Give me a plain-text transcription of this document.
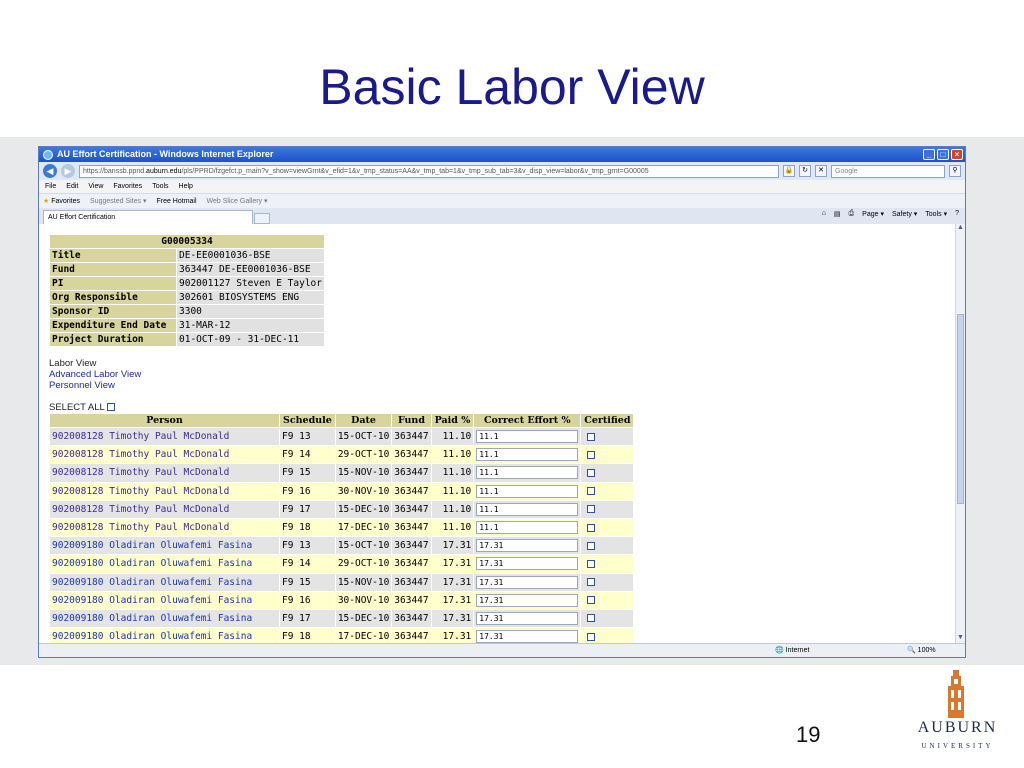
Basic Labor View
AU Effort Certification - Windows Internet Explorer	_	□	×
◀	▶	https://banssb.ppnd.auburn.edu/pls/PPRD/fzgefct.p_main?v_show=viewGrnt&v_efid=1&v_tmp_status=AA&v_tmp_tab=1&v_tmp_sub_tab=3&v_disp_view=labor&v_tmp_grnt=G00005	🔒	↻	✕	Google	⚲
File Edit View Favorites Tools Help
★ Favorites Suggested Sites ▾ Free Hotmail Web Slice Gallery ▾
AU Effort Certification
⌂ ▤ ⎙ Page ▾ Safety ▾ Tools ▾ ?
G00005334	
Title	DE-EE0001036-BSE
Fund	363447 DE-EE0001036-BSE
PI	902001127 Steven E Taylor
Org Responsible	302601 BIOSYSTEMS ENG
Sponsor ID	3300
Expenditure End Date	31-MAR-12
Project Duration	01-OCT-09 - 31-DEC-11
Labor View
Advanced Labor View
Personnel View
SELECT ALL
Person	Schedule	Date	Fund	Paid %	Correct Effort %	Certified
902008128 Timothy Paul McDonald	F9 13	15-OCT-10	363447	11.10	11.1	
902008128 Timothy Paul McDonald	F9 14	29-OCT-10	363447	11.10	11.1	
902008128 Timothy Paul McDonald	F9 15	15-NOV-10	363447	11.10	11.1	
902008128 Timothy Paul McDonald	F9 16	30-NOV-10	363447	11.10	11.1	
902008128 Timothy Paul McDonald	F9 17	15-DEC-10	363447	11.10	11.1	
902008128 Timothy Paul McDonald	F9 18	17-DEC-10	363447	11.10	11.1	
902009180 Oladiran Oluwafemi Fasina	F9 13	15-OCT-10	363447	17.31	17.31	
902009180 Oladiran Oluwafemi Fasina	F9 14	29-OCT-10	363447	17.31	17.31	
902009180 Oladiran Oluwafemi Fasina	F9 15	15-NOV-10	363447	17.31	17.31	
902009180 Oladiran Oluwafemi Fasina	F9 16	30-NOV-10	363447	17.31	17.31	
902009180 Oladiran Oluwafemi Fasina	F9 17	15-DEC-10	363447	17.31	17.31	
902009180 Oladiran Oluwafemi Fasina	F9 18	17-DEC-10	363447	17.31	17.31	
▲
▼
🌐 Internet	🔍 100%
19	AUBURN
UNIVERSITY
